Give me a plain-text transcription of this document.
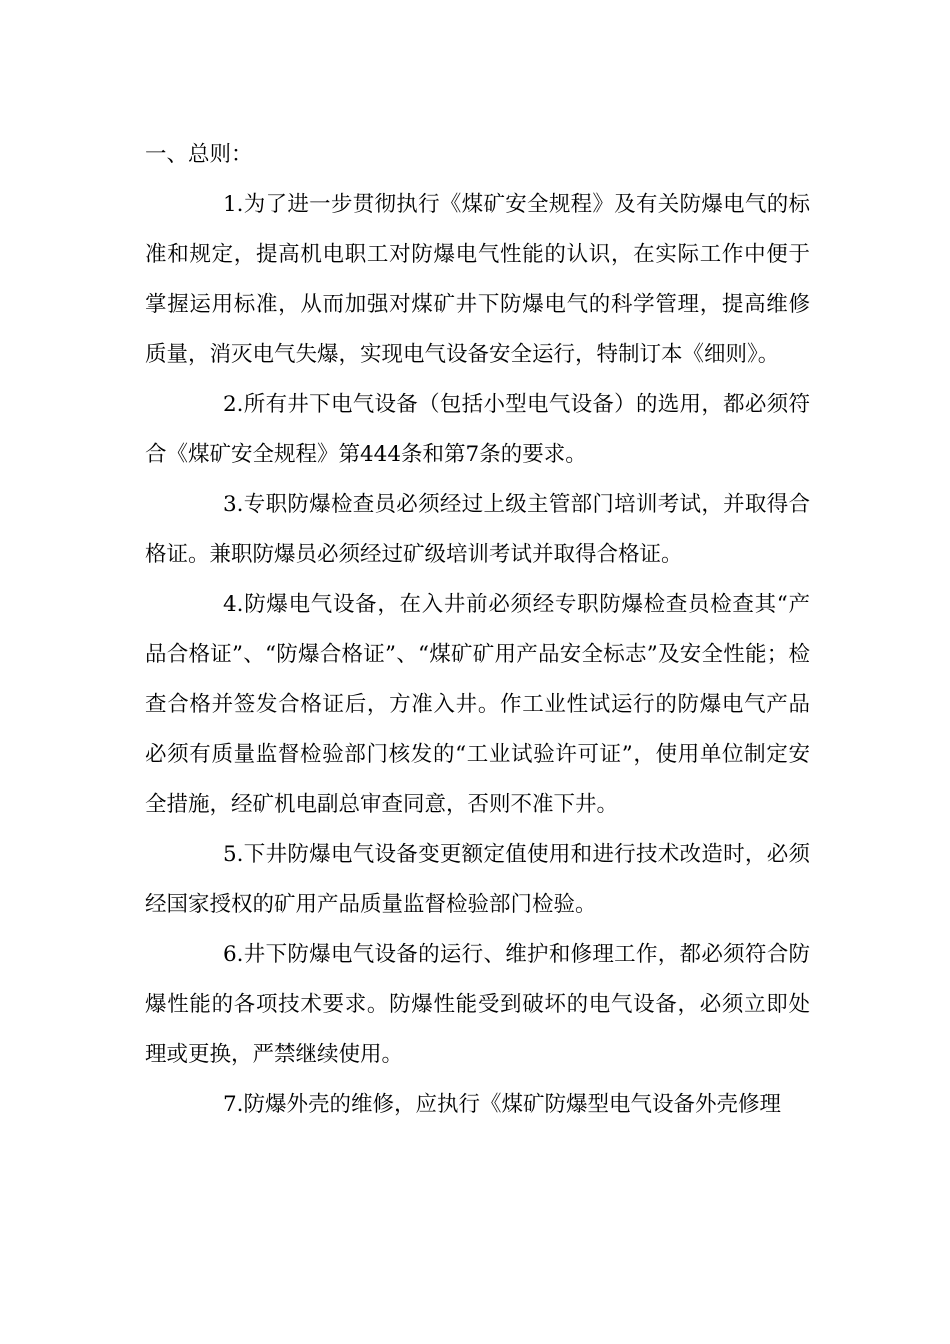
一、总则：

1.为了进一步贯彻执行《煤矿安全规程》及有关防爆电气的标准和规定，提高机电职工对防爆电气性能的认识，在实际工作中便于掌握运用标准，从而加强对煤矿井下防爆电气的科学管理，提高维修质量，消灭电气失爆，实现电气设备安全运行，特制订本《细则》。

2.所有井下电气设备（包括小型电气设备）的选用，都必须符合《煤矿安全规程》第444条和第7条的要求。

3.专职防爆检查员必须经过上级主管部门培训考试，并取得合格证。兼职防爆员必须经过矿级培训考试并取得合格证。

4.防爆电气设备，在入井前必须经专职防爆检查员检查其“产品合格证”、“防爆合格证”、“煤矿矿用产品安全标志”及安全性能；检查合格并签发合格证后，方准入井。作工业性试运行的防爆电气产品必须有质量监督检验部门核发的“工业试验许可证”，使用单位制定安全措施，经矿机电副总审查同意，否则不准下井。

5.下井防爆电气设备变更额定值使用和进行技术改造时，必须经国家授权的矿用产品质量监督检验部门检验。

6.井下防爆电气设备的运行、维护和修理工作，都必须符合防爆性能的各项技术要求。防爆性能受到破坏的电气设备，必须立即处理或更换，严禁继续使用。

7.防爆外壳的维修，应执行《煤矿防爆型电气设备外壳修理
